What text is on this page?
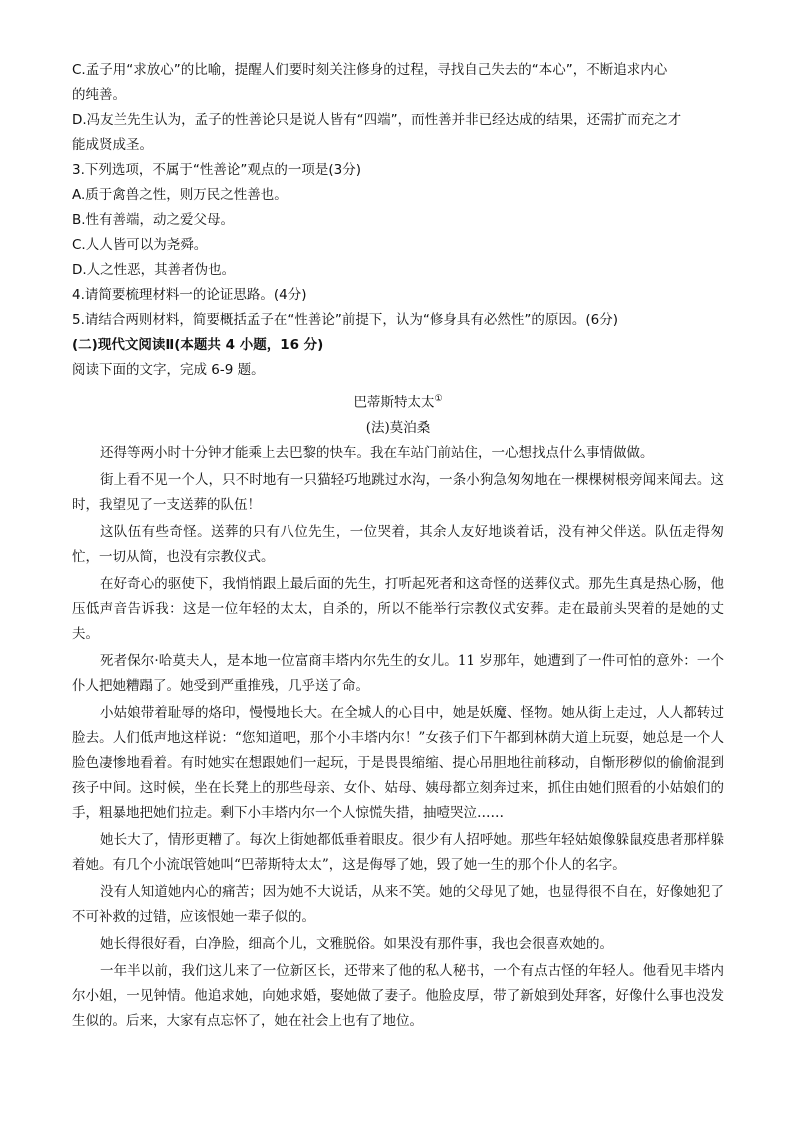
C.孟子用“求放心”的比喻，提醒人们要时刻关注修身的过程，寻找自己失去的“本心”，不断追求内心
的纯善。
D.冯友兰先生认为，孟子的性善论只是说人皆有“四端”，而性善并非已经达成的结果，还需扩而充之才
能成贤成圣。
3.下列选项，不属于“性善论”观点的一项是(3分)
A.质于禽兽之性，则万民之性善也。
B.性有善端，动之爱父母。
C.人人皆可以为尧舜。
D.人之性恶，其善者伪也。
4.请简要梳理材料一的论证思路。(4分)
5.请结合两则材料，简要概括孟子在“性善论”前提下，认为“修身具有必然性”的原因。(6分)
(二)现代文阅读Ⅱ(本题共 4 小题，16 分)
阅读下面的文字，完成 6-9 题。
巴蒂斯特太太①
(法)莫泊桑

还得等两小时十分钟才能乘上去巴黎的快车。我在车站门前站住，一心想找点什么事情做做。

街上看不见一个人，只不时地有一只猫轻巧地跳过水沟，一条小狗急匆匆地在一棵棵树根旁闻来闻去。这时，我望见了一支送葬的队伍！

这队伍有些奇怪。送葬的只有八位先生，一位哭着，其余人友好地谈着话，没有神父伴送。队伍走得匆忙，一切从简，也没有宗教仪式。

在好奇心的驱使下，我悄悄跟上最后面的先生，打听起死者和这奇怪的送葬仪式。那先生真是热心肠，他压低声音告诉我：这是一位年轻的太太，自杀的，所以不能举行宗教仪式安葬。走在最前头哭着的是她的丈夫。

死者保尔·哈莫夫人，是本地一位富商丰塔内尔先生的女儿。11 岁那年，她遭到了一件可怕的意外：一个仆人把她糟蹋了。她受到严重推残，几乎送了命。

小姑娘带着耻辱的烙印，慢慢地长大。在全城人的心目中，她是妖魔、怪物。她从街上走过，人人都转过脸去。人们低声地这样说：“您知道吧，那个小丰塔内尔！”女孩子们下午都到林荫大道上玩耍，她总是一个人脸色凄惨地看着。有时她实在想跟她们一起玩，于是畏畏缩缩、提心吊胆地往前移动，自惭形秽似的偷偷混到孩子中间。这时候，坐在长凳上的那些母亲、女仆、姑母、姨母都立刻奔过来，抓住由她们照看的小姑娘们的手，粗暴地把她们拉走。剩下小丰塔内尔一个人惊慌失措，抽噎哭泣……

她长大了，情形更糟了。每次上街她都低垂着眼皮。很少有人招呼她。那些年轻姑娘像躲鼠疫患者那样躲着她。有几个小流氓管她叫“巴蒂斯特太太”，这是侮辱了她，毁了她一生的那个仆人的名字。

没有人知道她内心的痛苦；因为她不大说话，从来不笑。她的父母见了她，也显得很不自在，好像她犯了不可补救的过错，应该恨她一辈子似的。

她长得很好看，白净脸，细高个儿，文雅脱俗。如果没有那件事，我也会很喜欢她的。

一年半以前，我们这儿来了一位新区长，还带来了他的私人秘书，一个有点古怪的年轻人。他看见丰塔内尔小姐，一见钟情。他追求她，向她求婚，娶她做了妻子。他脸皮厚，带了新娘到处拜客，好像什么事也没发生似的。后来，大家有点忘怀了，她在社会上也有了地位。
